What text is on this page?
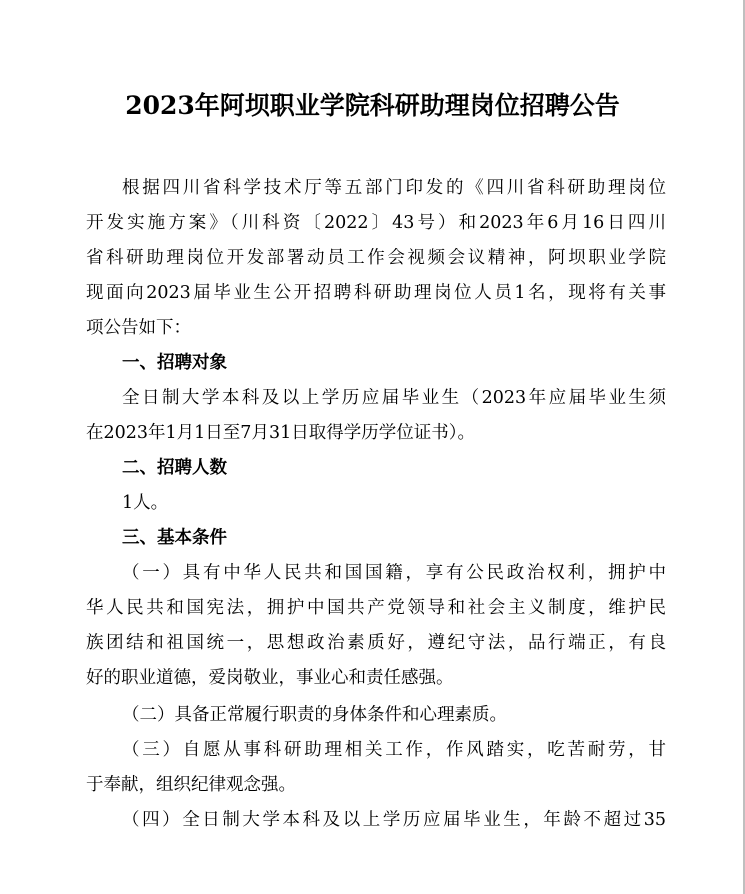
2023年阿坝职业学院科研助理岗位招聘公告
根据四川省科学技术厅等五部门印发的《四川省科研助理岗位
开发实施方案》（川科资〔2022〕43号）和2023年6月16日四川
省科研助理岗位开发部署动员工作会视频会议精神，阿坝职业学院
现面向2023届毕业生公开招聘科研助理岗位人员1名，现将有关事
项公告如下：
一、招聘对象
全日制大学本科及以上学历应届毕业生（2023年应届毕业生须
在2023年1月1日至7月31日取得学历学位证书）。
二、招聘人数
1人。
三、基本条件
（一）具有中华人民共和国国籍，享有公民政治权利，拥护中
华人民共和国宪法，拥护中国共产党领导和社会主义制度，维护民
族团结和祖国统一，思想政治素质好，遵纪守法，品行端正，有良
好的职业道德，爱岗敬业，事业心和责任感强。
（二）具备正常履行职责的身体条件和心理素质。
（三）自愿从事科研助理相关工作，作风踏实，吃苦耐劳，甘
于奉献，组织纪律观念强。
（四）全日制大学本科及以上学历应届毕业生，年龄不超过35
